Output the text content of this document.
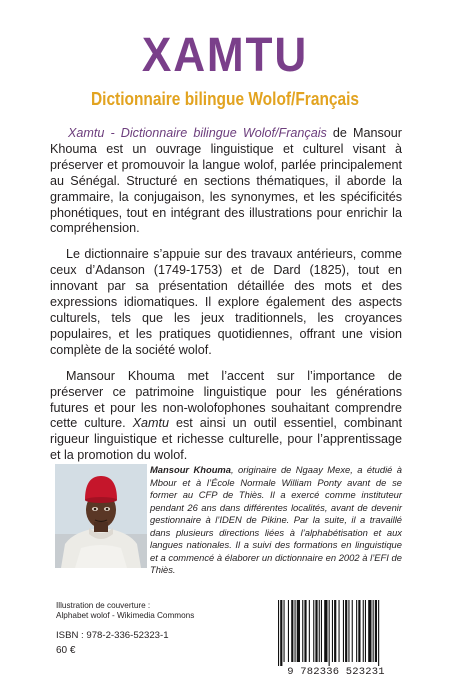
XAMTU
Dictionnaire bilingue Wolof/Français

Xamtu - Dictionnaire bilingue Wolof/Français de Mansour Khouma est un ouvrage linguistique et culturel visant à préserver et promouvoir la langue wolof, parlée principalement au Sénégal. Structuré en sections thématiques, il aborde la grammaire, la conjugaison, les synonymes, et les spécificités phonétiques, tout en intégrant des illustrations pour enrichir la compréhension.

Le dictionnaire s’appuie sur des travaux antérieurs, comme ceux d’Adanson (1749-1753) et de Dard (1825), tout en innovant par sa présentation détaillée des mots et des expressions idiomatiques. Il explore également des aspects culturels, tels que les jeux traditionnels, les croyances populaires, et les pratiques quotidiennes, offrant une vision complète de la société wolof.

Mansour Khouma met l’accent sur l’importance de préserver ce patrimoine linguistique pour les générations futures et pour les non-wolofophones souhaitant comprendre cette culture. Xamtu est ainsi un outil essentiel, combinant rigueur linguistique et richesse culturelle, pour l’apprentissage et la promotion du wolof.

Mansour Khouma, originaire de Ngaay Mexe, a étudié à Mbour et à l’École Normale William Ponty avant de se former au CFP de Thiès. Il a exercé comme instituteur pendant 26 ans dans différentes localités, avant de devenir gestionnaire à l’IDEN de Pikine. Par la suite, il a travaillé dans plusieurs directions liées à l’alphabétisation et aux langues nationales. Il a suivi des formations en linguistique et a commencé à élaborer un dictionnaire en 2002 à l’EFI de Thiès.
Illustration de couverture :
Alphabet wolof - Wikimedia Commons
ISBN : 978-2-336-52323-1
60 €
9 782336 523231
